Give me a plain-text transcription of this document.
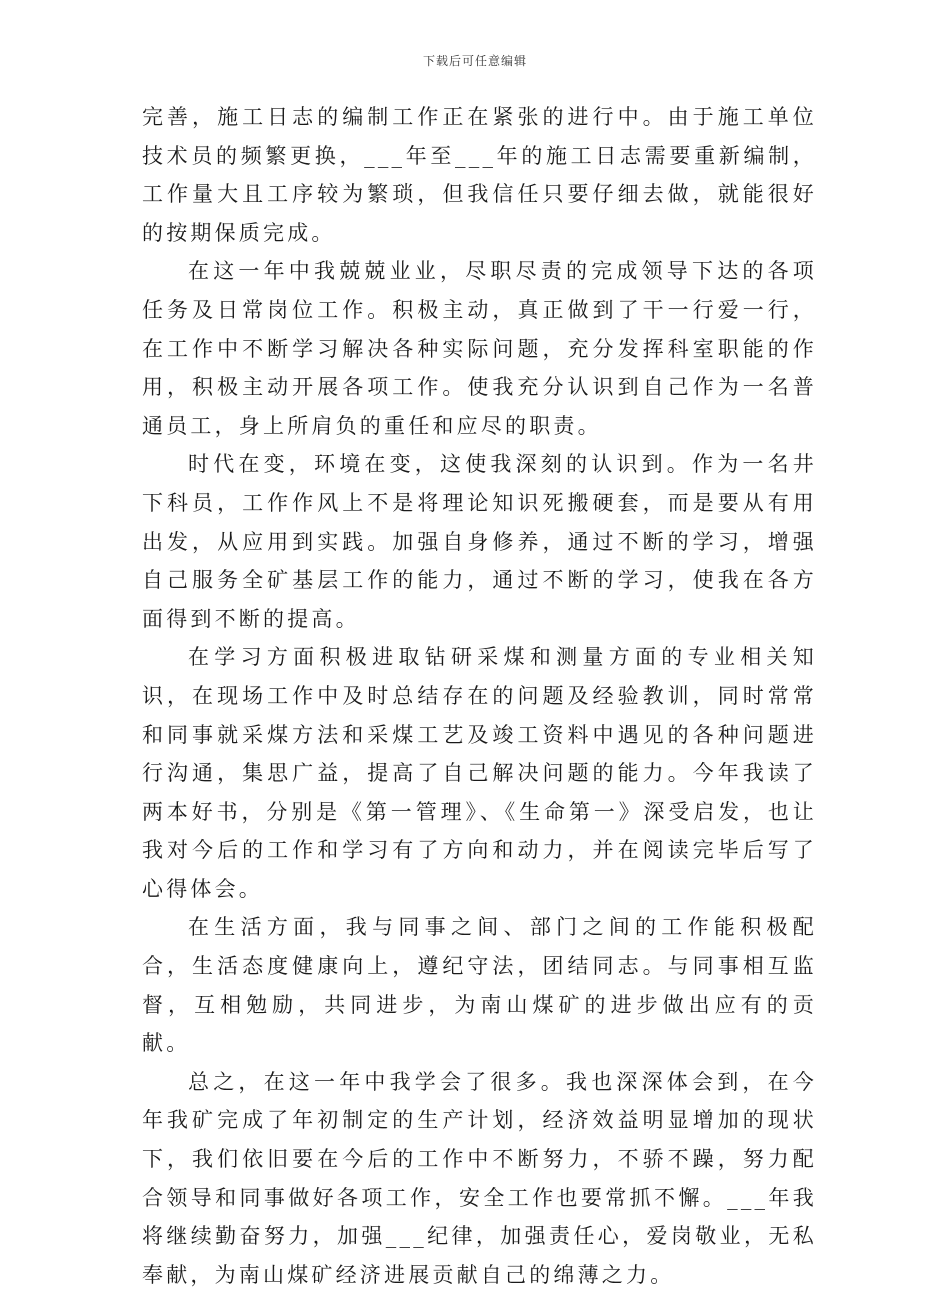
下载后可任意编辑

完善，施工日志的编制工作正在紧张的进行中。由于施工单位技术员的频繁更换，___年至___年的施工日志需要重新编制，工作量大且工序较为繁琐，但我信任只要仔细去做，就能很好的按期保质完成。

在这一年中我兢兢业业，尽职尽责的完成领导下达的各项任务及日常岗位工作。积极主动，真正做到了干一行爱一行，在工作中不断学习解决各种实际问题，充分发挥科室职能的作用，积极主动开展各项工作。使我充分认识到自己作为一名普通员工，身上所肩负的重任和应尽的职责。

时代在变，环境在变，这使我深刻的认识到。作为一名井下科员，工作作风上不是将理论知识死搬硬套，而是要从有用出发，从应用到实践。加强自身修养，通过不断的学习，增强自己服务全矿基层工作的能力，通过不断的学习，使我在各方面得到不断的提高。

在学习方面积极进取钻研采煤和测量方面的专业相关知识，在现场工作中及时总结存在的问题及经验教训，同时常常和同事就采煤方法和采煤工艺及竣工资料中遇见的各种问题进行沟通，集思广益，提高了自己解决问题的能力。今年我读了两本好书，分别是《第一管理》、《生命第一》深受启发，也让我对今后的工作和学习有了方向和动力，并在阅读完毕后写了心得体会。

在生活方面，我与同事之间、部门之间的工作能积极配合，生活态度健康向上，遵纪守法，团结同志。与同事相互监督，互相勉励，共同进步，为南山煤矿的进步做出应有的贡献。

总之，在这一年中我学会了很多。我也深深体会到，在今年我矿完成了年初制定的生产计划，经济效益明显增加的现状下，我们依旧要在今后的工作中不断努力，不骄不躁，努力配合领导和同事做好各项工作，安全工作也要常抓不懈。___年我将继续勤奋努力，加强___纪律，加强责任心，爱岗敬业，无私奉献，为南山煤矿经济进展贡献自己的绵薄之力。
